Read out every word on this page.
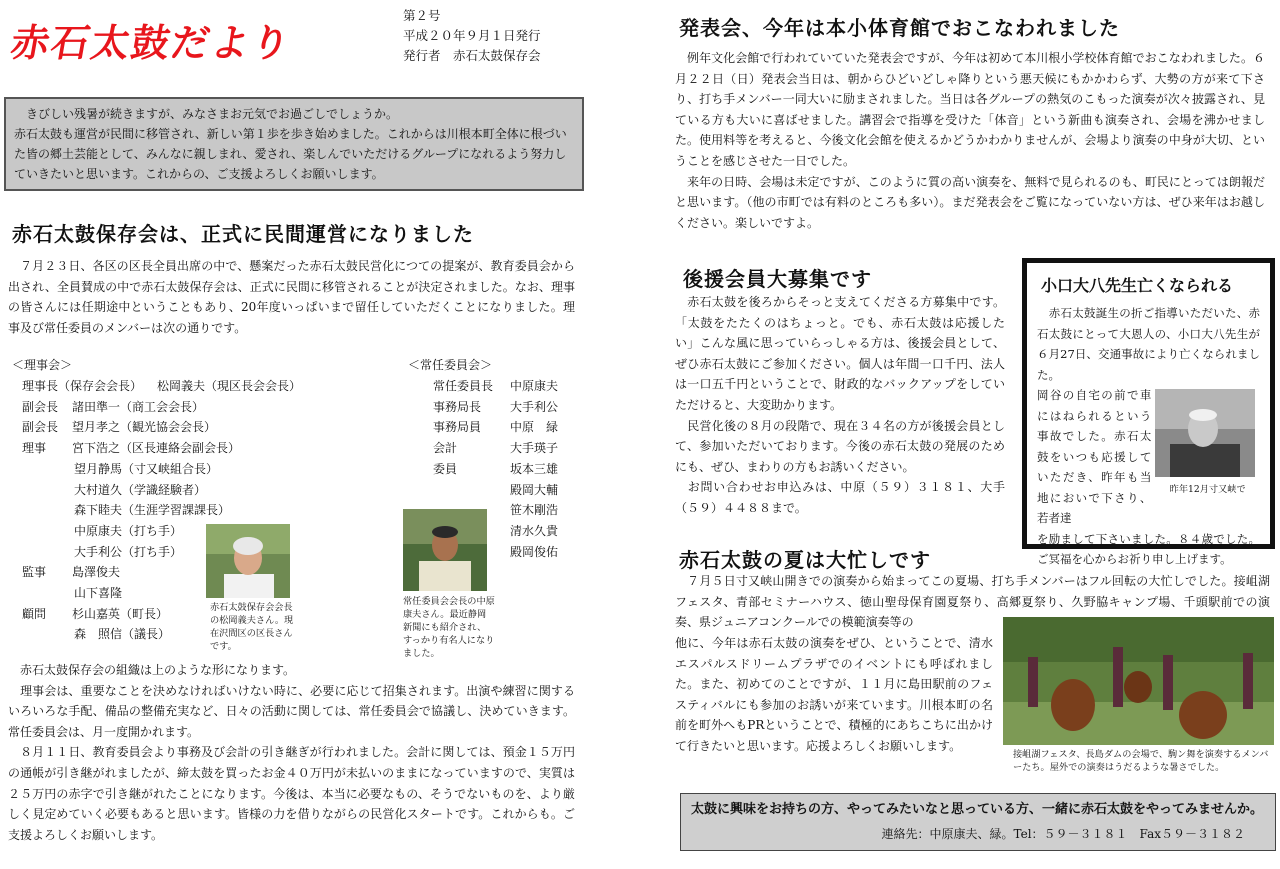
赤石太鼓だより
第２号
平成２０年９月１日発行
発行者　赤石太鼓保存会

　きびしい残暑が続きますが、みなさまお元気でお過ごしでしょうか。

赤石太鼓も運営が民間に移管され、新しい第１歩を歩き始めました。これからは川根本町全体に根づいた皆の郷土芸能として、みんなに親しまれ、愛され、楽しんでいただけるグループになれるよう努力していきたいと思います。これからの、ご支援よろしくお願いします。

赤石太鼓保存会は、正式に民間運営になりました

　７月２３日、各区の区長全員出席の中で、懸案だった赤石太鼓民営化につての提案が、教育委員会から出され、全員賛成の中で赤石太鼓保存会は、正式に民間に移管されることが決定されました。なお、理事の皆さんには任期途中ということもあり、20年度いっぱいまで留任していただくことになりました。理事及び常任委員のメンバーは次の通りです。

＜理事会＞
理事長（保存会会長） 松岡義夫（現区長会会長）
副会長 諸田準一（商工会会長）
副会長 望月孝之（観光協会会長）
理事 宮下浩之（区長連絡会副会長）
望月静馬（寸又峡組合長）
大村道久（学識経験者）
森下睦夫（生涯学習課課長）
中原康夫（打ち手）
大手利公（打ち手）
監事 島澤俊夫
山下喜隆
顧問 杉山嘉英（町長）
森　照信（議長）
＜常任委員会＞
常任委員長 中原康夫
事務局長 大手利公
事務局員 中原　緑
会計	大手瑛子
委員	坂本三雄
殿岡大輔
笹木剛浩
清水久貴
殿岡俊佑
赤石太鼓保存会会長の松岡義夫さん。現在沢間区の区長さんです。
常任委員会会長の中原康夫さん。最近静岡新聞にも紹介され、すっかり有名人になりました。

　赤石太鼓保存会の組織は上のような形になります。

　理事会は、重要なことを決めなければいけない時に、必要に応じて招集されます。出演や練習に関するいろいろな手配、備品の整備充実など、日々の活動に関しては、常任委員会で協議し、決めていきます。常任委員会は、月一度開かれます。

　８月１１日、教育委員会より事務及び会計の引き継ぎが行われました。会計に関しては、預金１５万円の通帳が引き継がれましたが、締太鼓を買ったお金４０万円が未払いのままになっていますので、実質は２５万円の赤字で引き継がれたことになります。今後は、本当に必要なもの、そうでないものを、より厳しく見定めていく必要もあると思います。皆様の力を借りながらの民営化スタートです。これからも。ご支援よろしくお願いします。

発表会、今年は本小体育館でおこなわれました

　例年文化会館で行われていていた発表会ですが、今年は初めて本川根小学校体育館でおこなわれました。６月２２日（日）発表会当日は、朝からひどいどしゃ降りという悪天候にもかかわらず、大勢の方が来て下さり、打ち手メンバー一同大いに励まされました。当日は各グループの熱気のこもった演奏が次々披露され、見ている方も大いに喜ばせました。講習会で指導を受けた「体音」という新曲も演奏され、会場を沸かせました。使用料等を考えると、今後文化会館を使えるかどうかわかりませんが、会場より演奏の中身が大切、ということを感じさせた一日でした。

　来年の日時、会場は未定ですが、このように質の高い演奏を、無料で見られるのも、町民にとっては朗報だと思います。（他の市町では有料のところも多い）。まだ発表会をご覧になっていない方は、ぜひ来年はお越しください。楽しいですよ。

後援会員大募集です

　赤石太鼓を後ろからそっと支えてくださる方募集中です。「太鼓をたたくのはちょっと。でも、赤石太鼓は応援したい」こんな風に思っていらっしゃる方は、後援会員として、ぜひ赤石太鼓にご参加ください。個人は年間一口千円、法人は一口五千円ということで、財政的なバックアップをしていただけると、大変助かります。

　民営化後の８月の段階で、現在３４名の方が後援会員として、参加いただいております。今後の赤石太鼓の発展のためにも、ぜひ、まわりの方もお誘いください。

　お問い合わせお申込みは、中原（５９）３１８１、大手（５９）４４８８まで。

小口大八先生亡くなられる

　赤石太鼓誕生の折ご指導いただいた、赤石太鼓にとって大恩人の、小口大八先生が６月27日、交通事故により亡くなられました。

岡谷の自宅の前で車にはねられるという事故でした。赤石太鼓をいつも応援していただき、昨年も当地においで下さり、若者達

昨年12月寸又峡で

を励まして下さいました。８４歳でした。ご冥福を心からお祈り申し上げます。

赤石太鼓の夏は大忙しです

　７月５日寸又峡山開きでの演奏から始まってこの夏場、打ち手メンバーはフル回転の大忙しでした。接岨湖フェスタ、青部セミナーハウス、徳山聖母保育園夏祭り、高郷夏祭り、久野脇キャンプ場、千頭駅前での演奏、県ジュニアコンクールでの模範演奏等の

他に、今年は赤石太鼓の演奏をぜひ、ということで、清水エスパルスドリームプラザでのイベントにも呼ばれました。また、初めてのことですが、１１月に島田駅前のフェスティバルにも参加のお誘いが来ています。川根本町の名前を町外へもPRということで、積極的にあちこちに出かけて行きたいと思います。応援よろしくお願いします。

接岨湖フェスタ、長島ダムの会場で、駒ン舞を演奏するメンバーたち。屋外での演奏はうだるような暑さでした。
太鼓に興味をお持ちの方、やってみたいなと思っている方、一緒に赤石太鼓をやってみませんか。
連絡先：中原康夫、緑。Tel：５９－３１８１　Fax５９－３１８２
